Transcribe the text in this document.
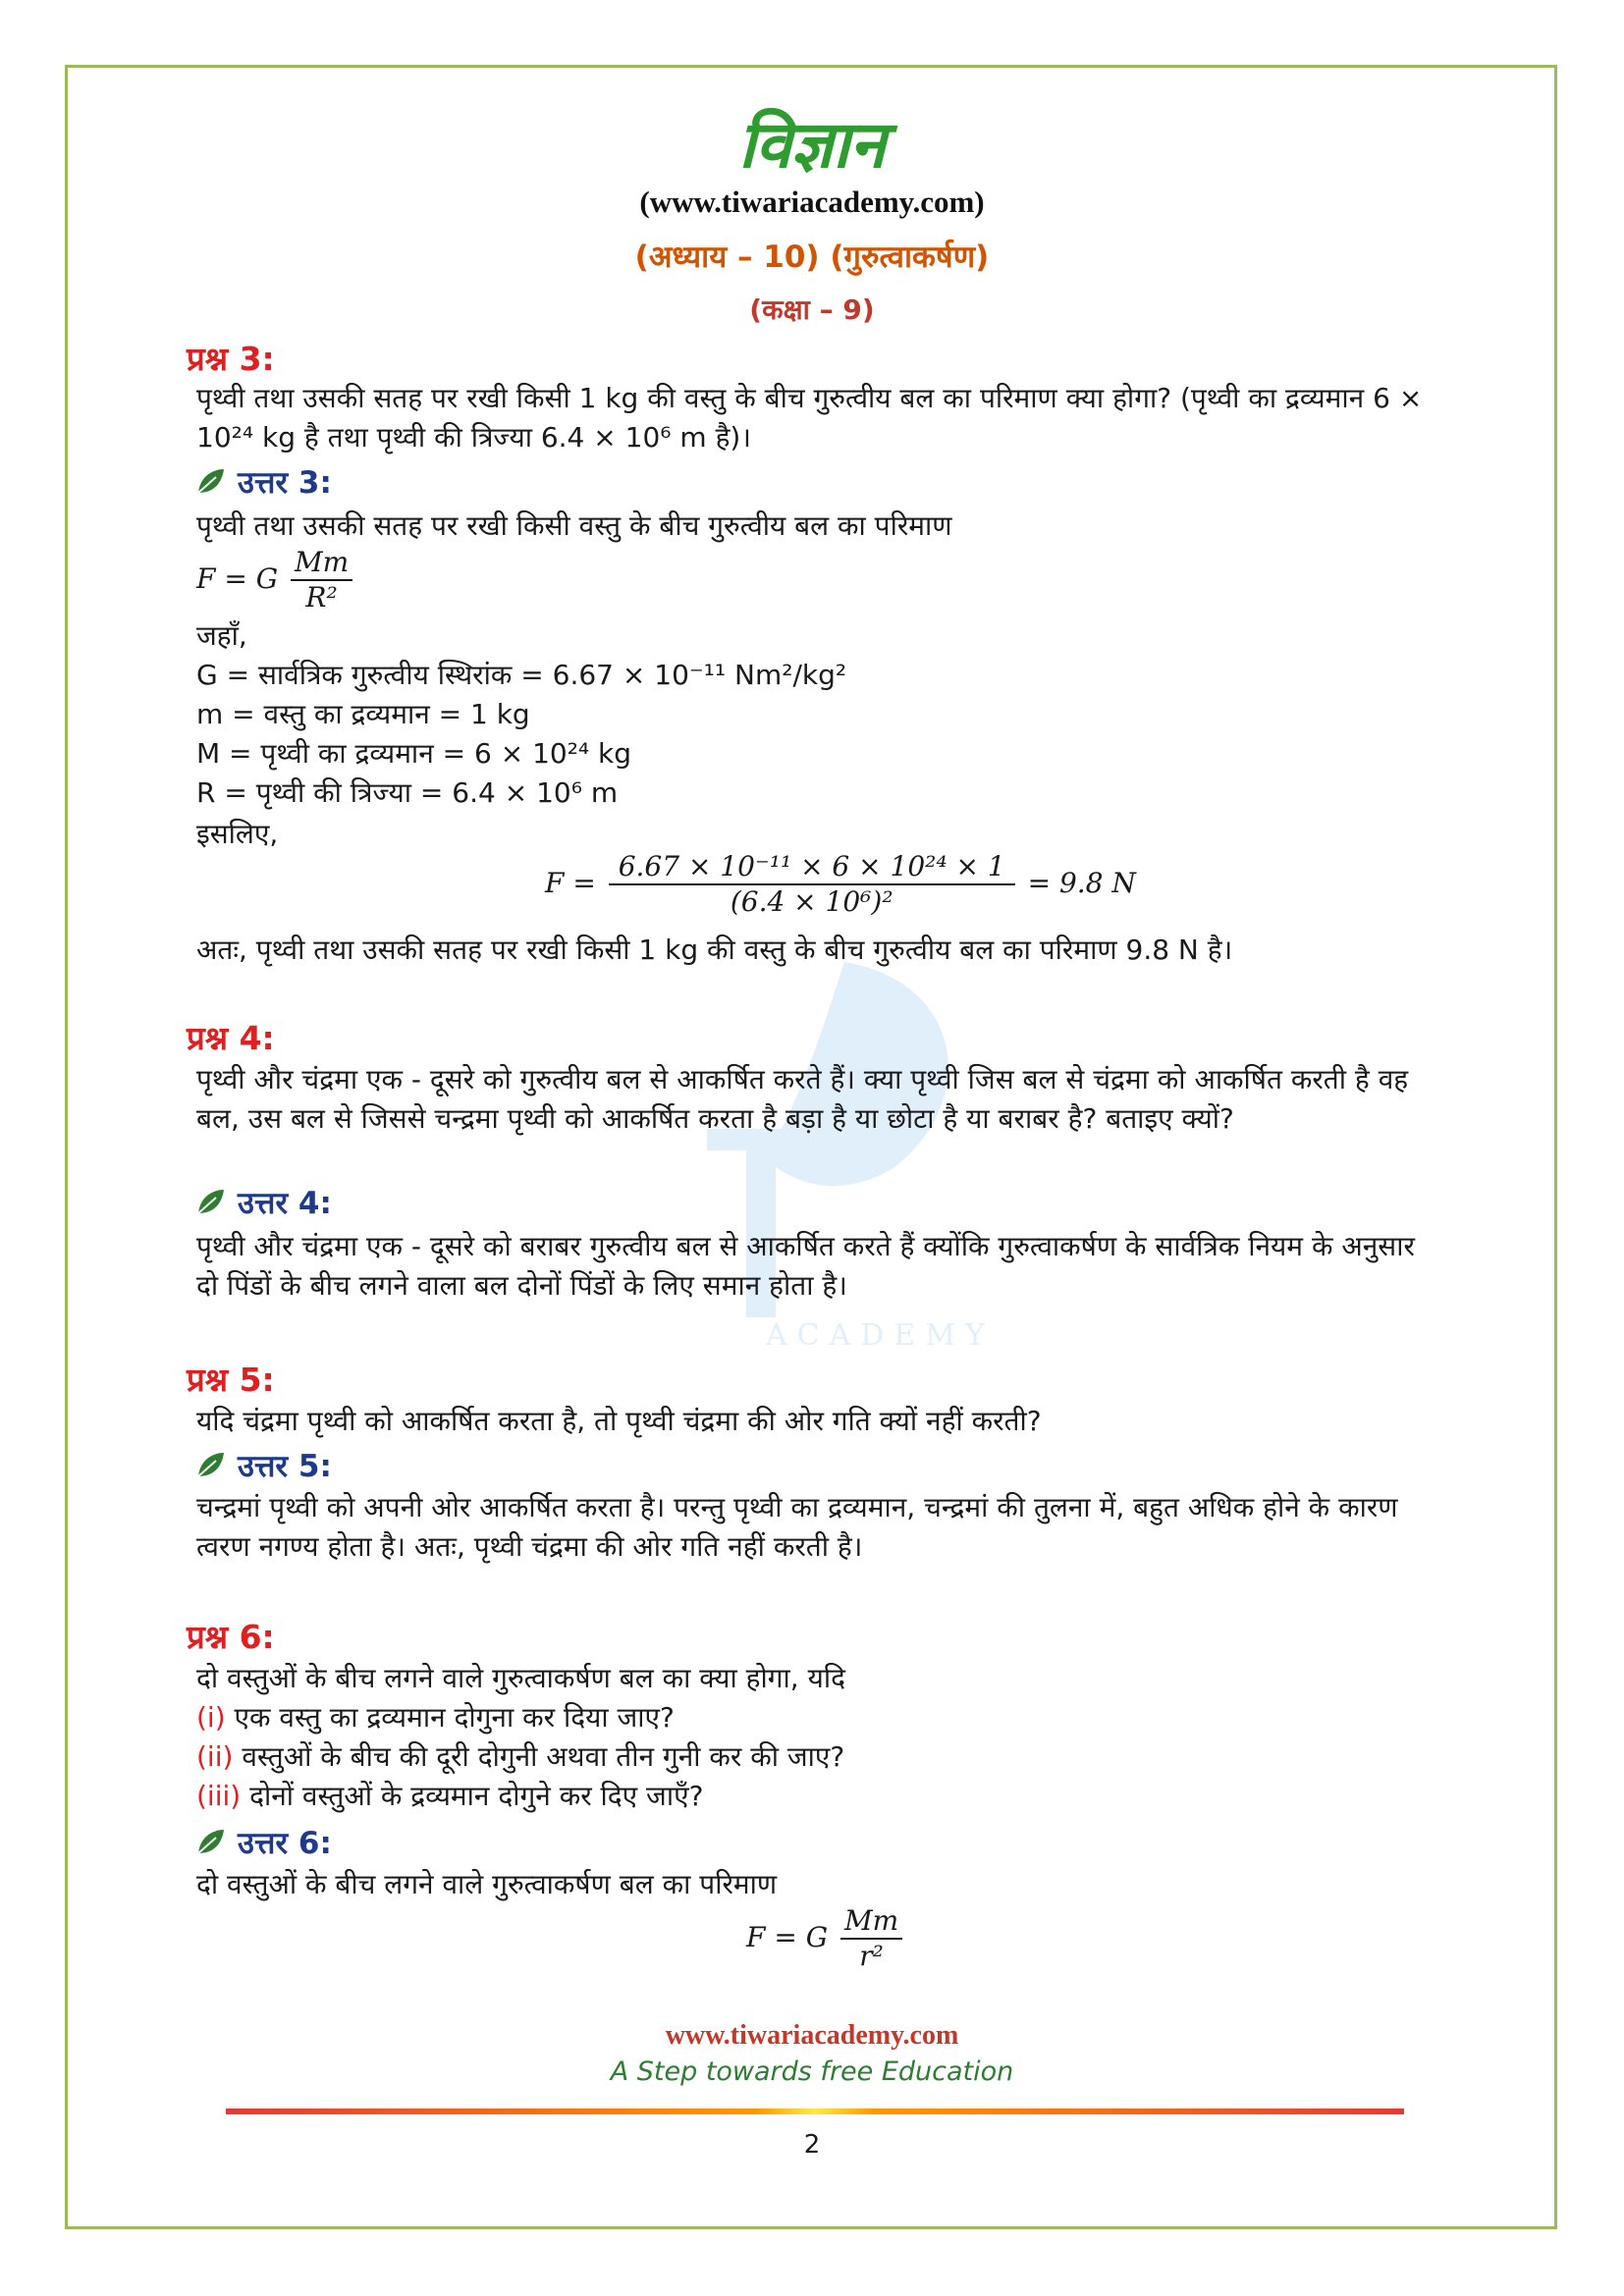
ACADEMY
विज्ञान
(www.tiwariacademy.com)
(अध्याय – 10) (गुरुत्वाकर्षण)
(कक्षा – 9)
प्रश्न 3:
पृथ्वी तथा उसकी सतह पर रखी किसी 1 kg की वस्तु के बीच गुरुत्वीय बल का परिमाण क्या होगा? (पृथ्वी का द्रव्यमान 6 × 10²⁴ kg है तथा पृथ्वी की त्रिज्या 6.4 × 10⁶ m है)।
उत्तर 3:
पृथ्वी तथा उसकी सतह पर रखी किसी वस्तु के बीच गुरुत्वीय बल का परिमाण
F = G $\frac{Mm}{\text{R²}}$
जहाँ,
G = सार्वत्रिक गुरुत्वीय स्थिरांक = 6.67 × 10⁻¹¹ Nm²/kg²
m = वस्तु का द्रव्यमान = 1 kg
M = पृथ्वी का द्रव्यमान = 6 × 10²⁴ kg
R = पृथ्वी की त्रिज्या = 6.4 × 10⁶ m
इसलिए,
$F = \frac{\text{6.67 × 10⁻¹¹ × 6 × 10²⁴ × 1}}{\text{(6.4 × 10⁶)²}} = 9.8$ N
अतः, पृथ्वी तथा उसकी सतह पर रखी किसी 1 kg की वस्तु के बीच गुरुत्वीय बल का परिमाण 9.8 N है।
प्रश्न 4:
पृथ्वी और चंद्रमा एक - दूसरे को गुरुत्वीय बल से आकर्षित करते हैं। क्या पृथ्वी जिस बल से चंद्रमा को आकर्षित करती है वह बल, उस बल से जिससे चन्द्रमा पृथ्वी को आकर्षित करता है बड़ा है या छोटा है या बराबर है? बताइए क्यों?
उत्तर 4:
पृथ्वी और चंद्रमा एक - दूसरे को बराबर गुरुत्वीय बल से आकर्षित करते हैं क्योंकि गुरुत्वाकर्षण के सार्वत्रिक नियम के अनुसार दो पिंडों के बीच लगने वाला बल दोनों पिंडों के लिए समान होता है।
प्रश्न 5:
यदि चंद्रमा पृथ्वी को आकर्षित करता है, तो पृथ्वी चंद्रमा की ओर गति क्यों नहीं करती?
उत्तर 5:
चन्द्रमां पृथ्वी को अपनी ओर आकर्षित करता है। परन्तु पृथ्वी का द्रव्यमान, चन्द्रमां की तुलना में, बहुत अधिक होने के कारण त्वरण नगण्य होता है। अतः, पृथ्वी चंद्रमा की ओर गति नहीं करती है।
प्रश्न 6:
दो वस्तुओं के बीच लगने वाले गुरुत्वाकर्षण बल का क्या होगा, यदि
(i) एक वस्तु का द्रव्यमान दोगुना कर दिया जाए?
(ii) वस्तुओं के बीच की दूरी दोगुनी अथवा तीन गुनी कर की जाए?
(iii) दोनों वस्तुओं के द्रव्यमान दोगुने कर दिए जाएँ?
उत्तर 6:
दो वस्तुओं के बीच लगने वाले गुरुत्वाकर्षण बल का परिमाण
F = G $\frac{Mm}{\text{r²}}$
www.tiwariacademy.com
A Step towards free Education
2
